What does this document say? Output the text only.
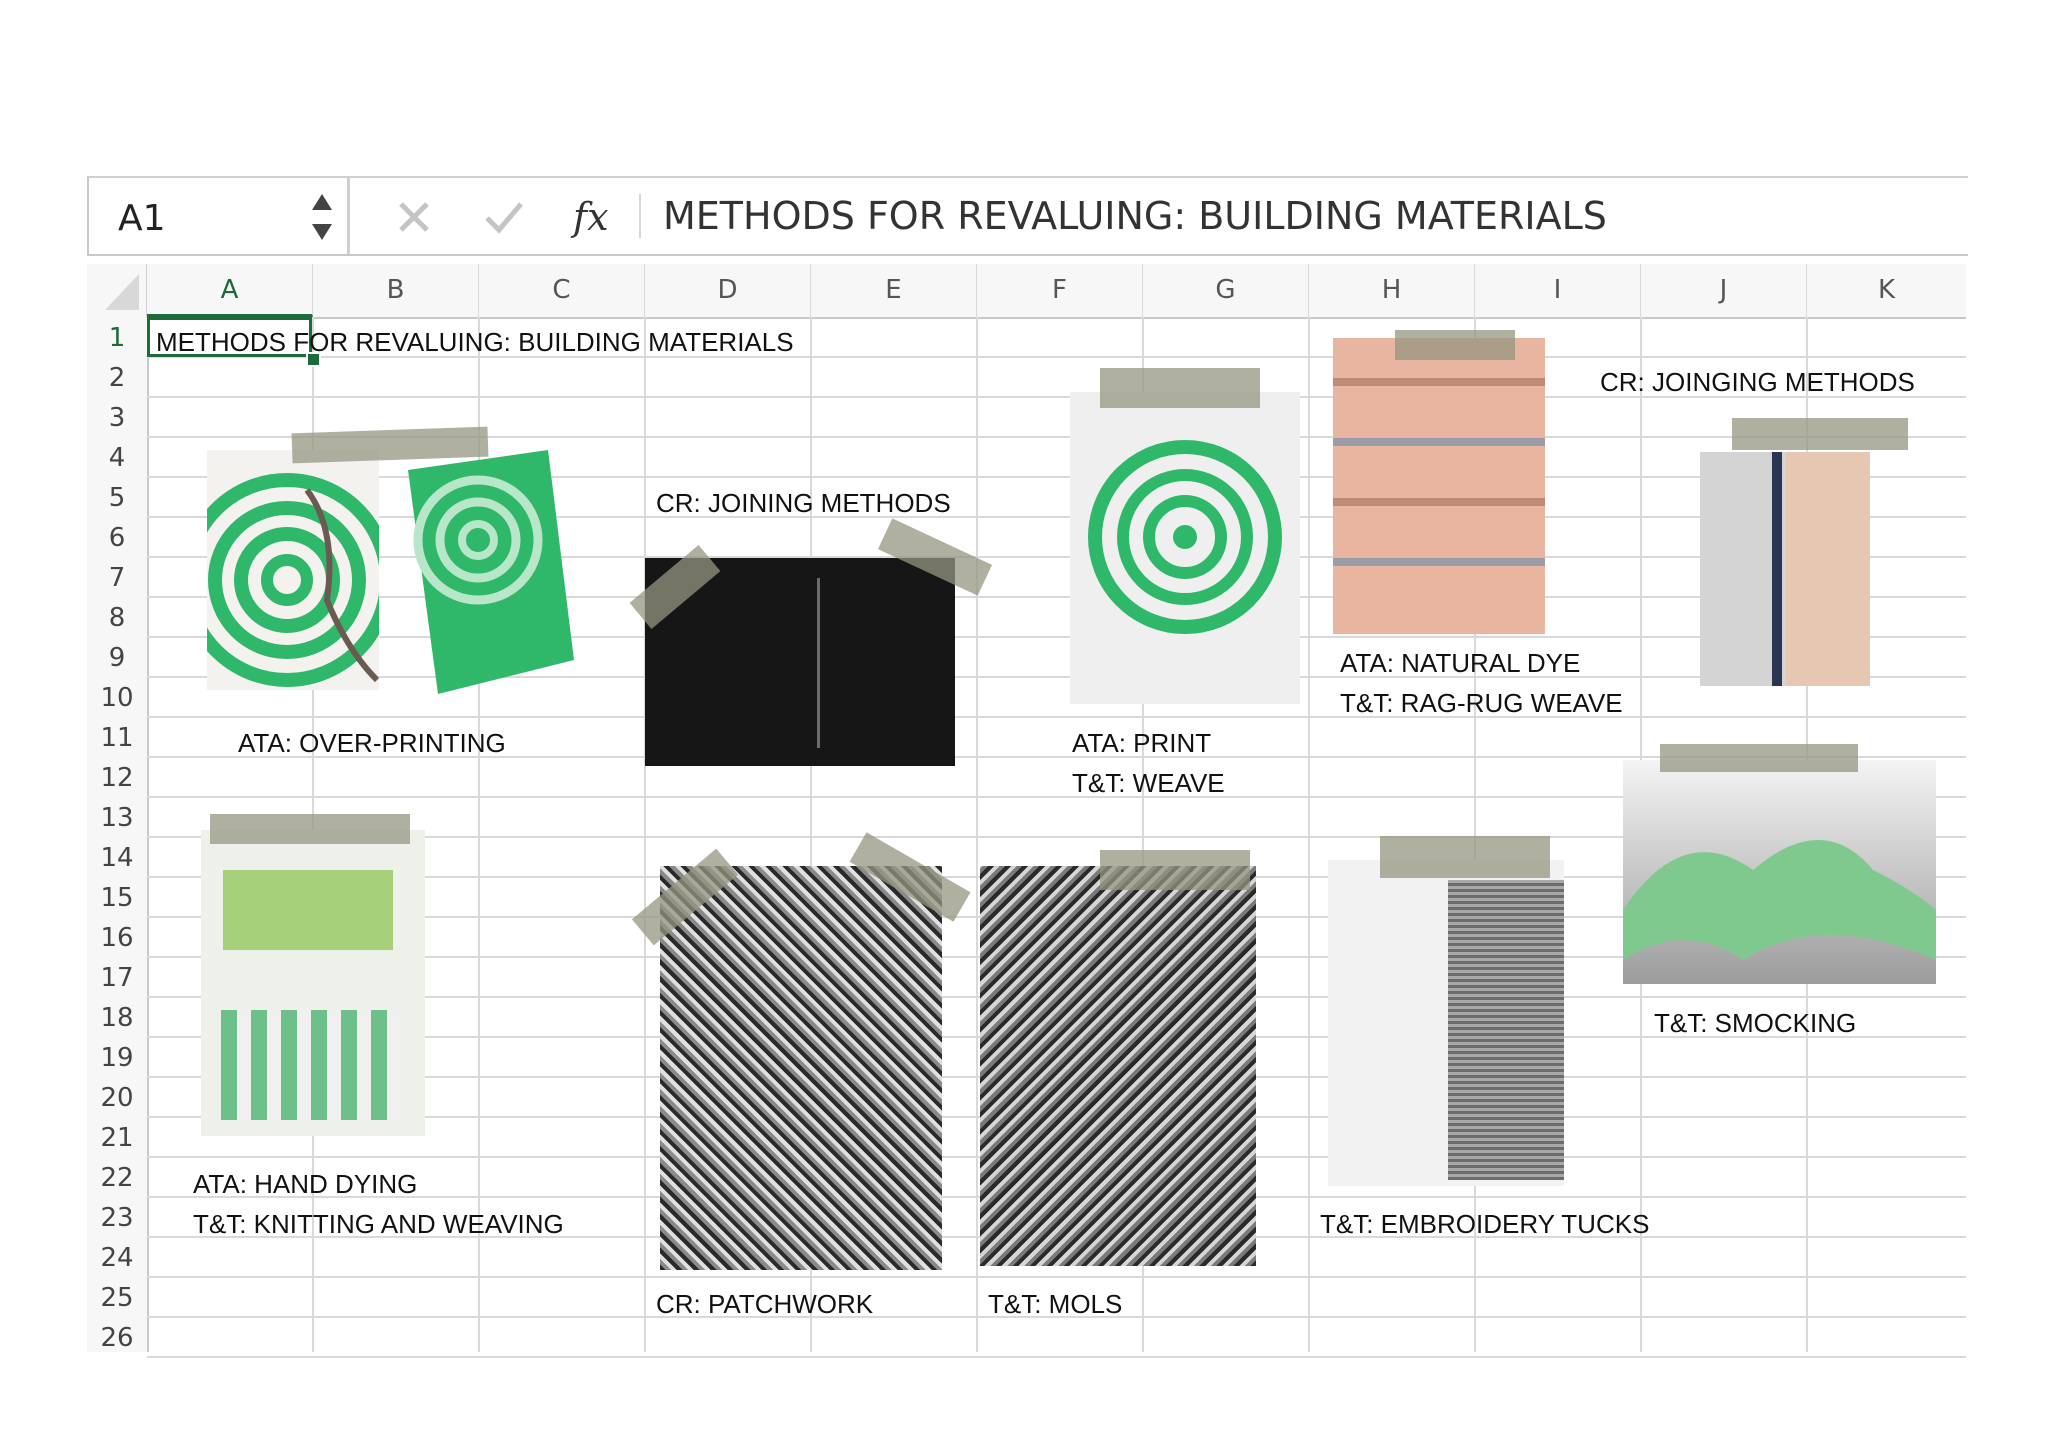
A1	fx METHODS FOR REVALUING: BUILDING MATERIALS
A	B	C	D	E	F	G	H	I	J	K
1
2
3
4
5
6
7
8
9
10
11
12
13
14
15
16
17
18
19
20
21
22
23
24
25
26
METHODS FOR REVALUING: BUILDING MATERIALS
CR: JOINGING METHODS
CR: JOINING METHODS
ATA: NATURAL DYE
T&T: RAG-RUG WEAVE
ATA: OVER-PRINTING	ATA: PRINT
T&T: WEAVE
T&T: SMOCKING
ATA: HAND DYING
T&T: KNITTING AND WEAVING	T&T: EMBROIDERY TUCKS
CR: PATCHWORK	T&T: MOLS
